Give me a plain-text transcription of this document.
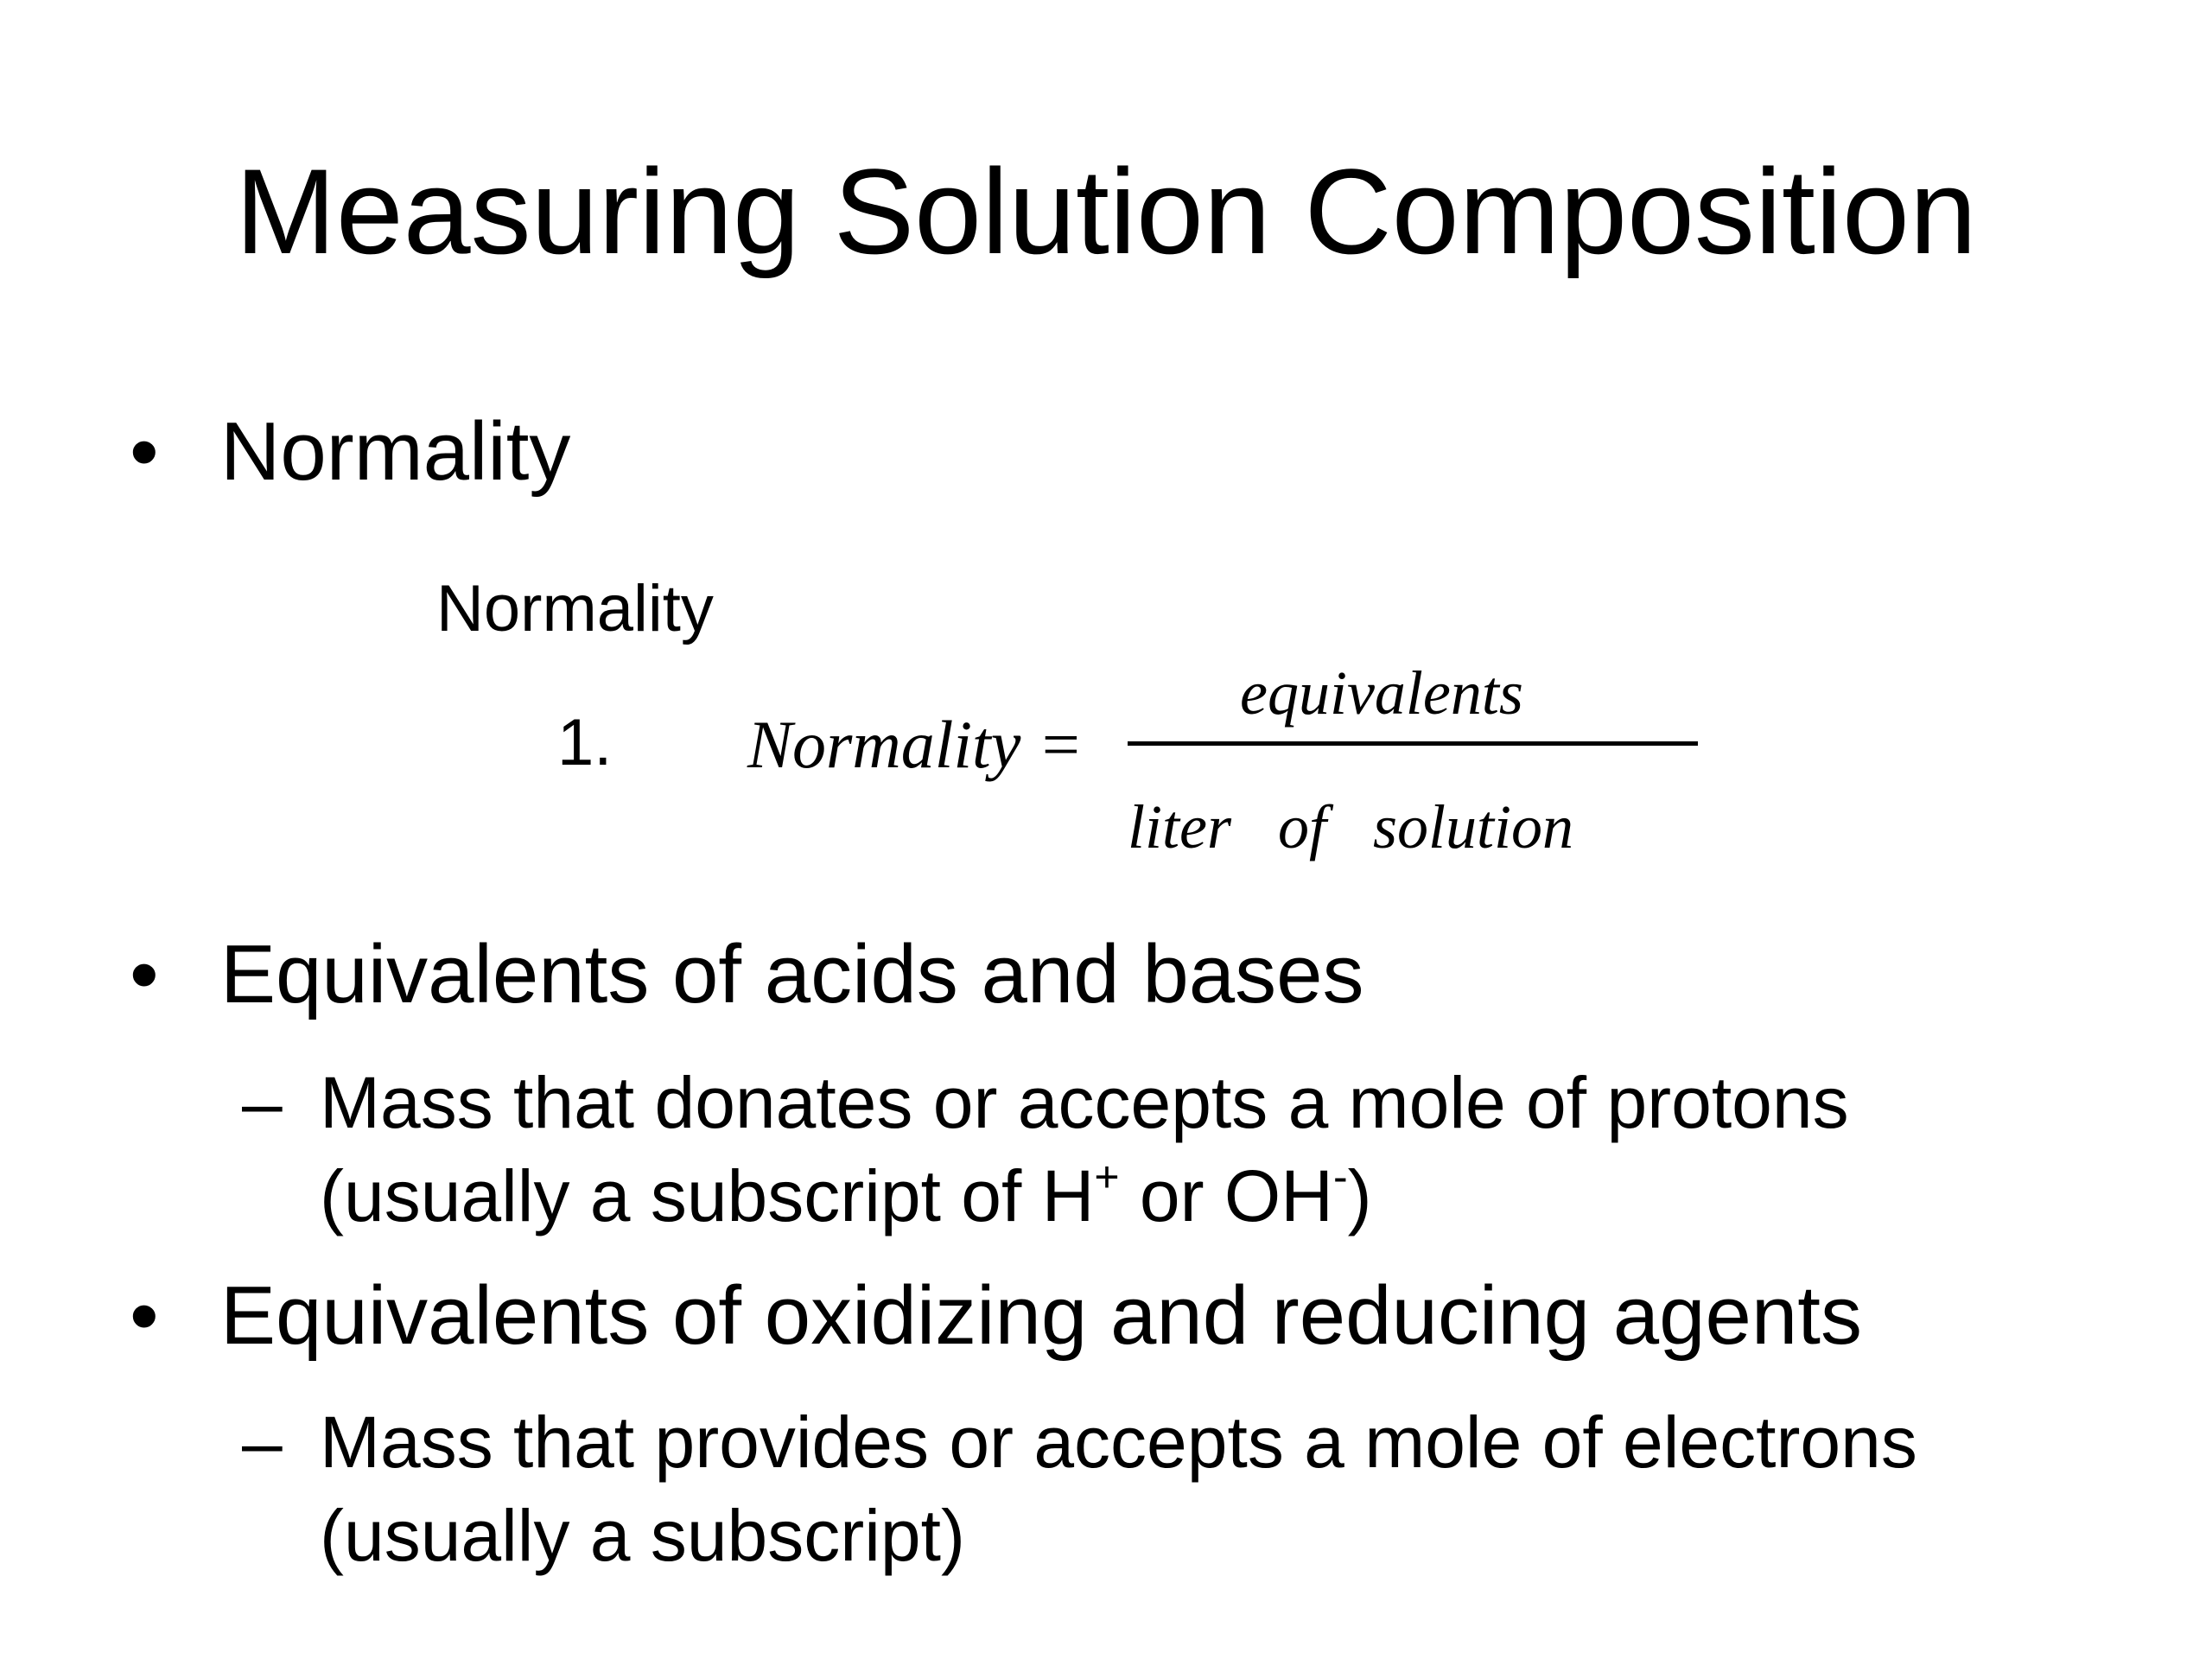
Measuring Solution Composition
• Normality
Normality
1. Normality =
equivalents
liter   of   solution
• Equivalents of acids and bases
– Mass that donates or accepts a mole of protons
(usually a subscript of H+ or OH-)
• Equivalents of oxidizing and reducing agents
– Mass that provides or accepts a mole of electrons
(usually a subscript)
